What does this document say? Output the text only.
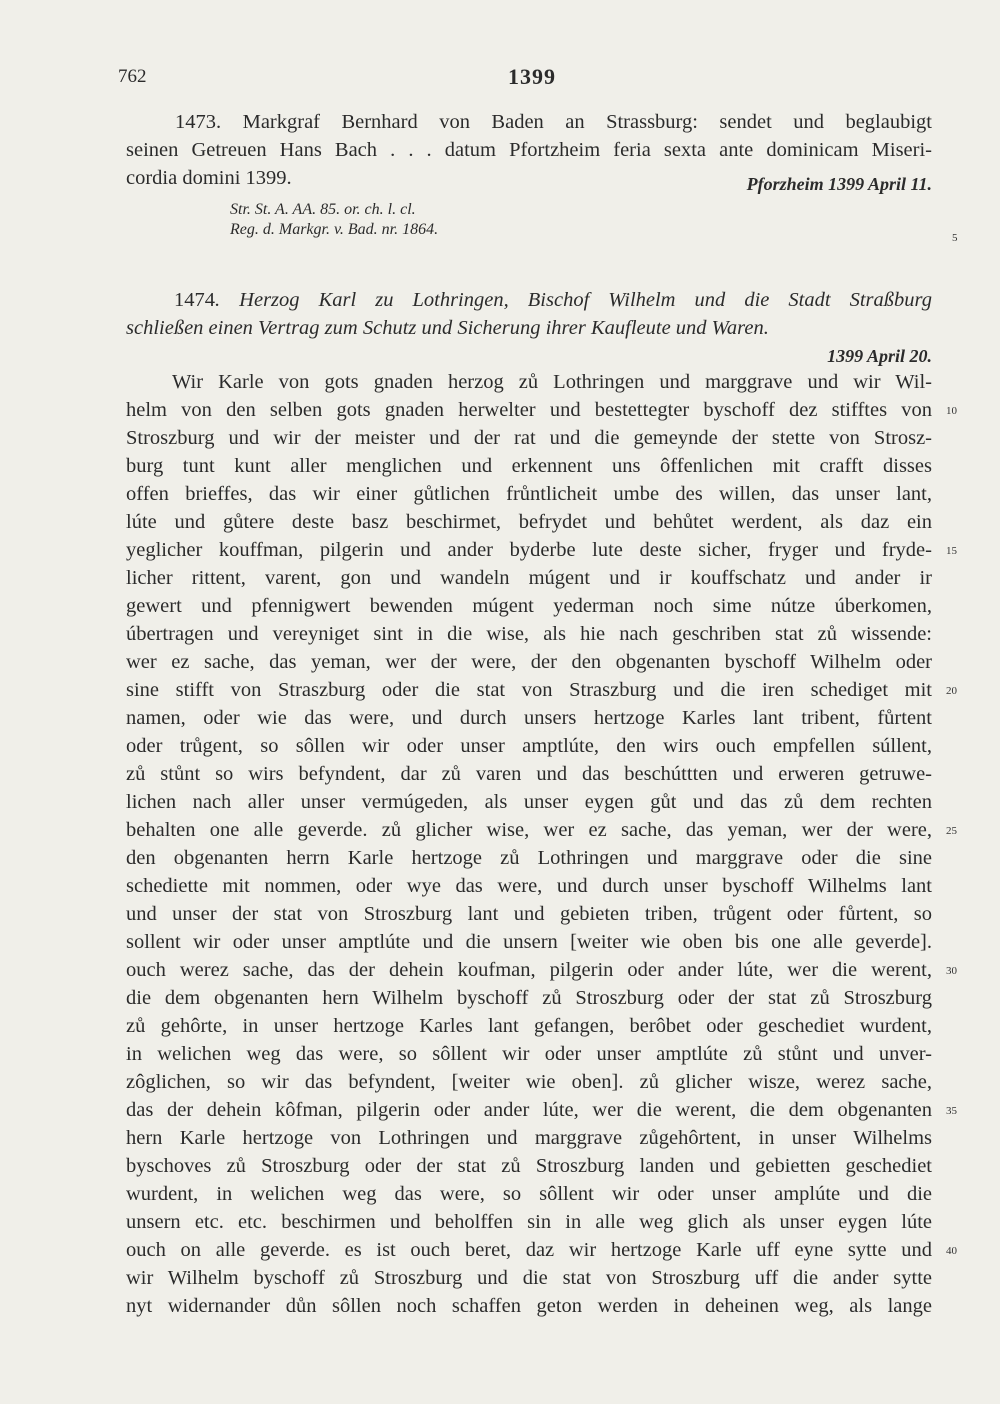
762	1399
1473. Markgraf Bernhard von Baden an Strassburg: sendet und beglaubigt
seinen Getreuen Hans Bach . . . datum Pfortzheim feria sexta ante dominicam Miseri-
cordia domini 1399.	Pforzheim 1399 April 11.
Str. St. A. AA. 85. or. ch. l. cl.
Reg. d. Markgr. v. Bad. nr. 1864.
1474. Herzog Karl zu Lothringen, Bischof Wilhelm und die Stadt Straßburg
schließen einen Vertrag zum Schutz und Sicherung ihrer Kaufleute und Waren.
1399 April 20.
Wir Karle von gots gnaden herzog zů Lothringen und marggrave und wir Wil-
helm von den selben gots gnaden herwelter und bestettegter byschoff dez stifftes von
Stroszburg und wir der meister und der rat und die gemeynde der stette von Strosz-
burg tunt kunt aller menglichen und erkennent uns ôffenlichen mit crafft disses
offen brieffes, das wir einer gůtlichen frůntlicheit umbe des willen, das unser lant,
lúte und gůtere deste basz beschirmet, befrydet und behůtet werdent, als daz ein
yeglicher kouffman, pilgerin und ander byderbe lute deste sicher, fryger und fryde-
licher rittent, varent, gon und wandeln múgent und ir kouffschatz und ander ir
gewert und pfennigwert bewenden múgent yederman noch sime nútze úberkomen,
úbertragen und vereyniget sint in die wise, als hie nach geschriben stat zů wissende:
wer ez sache, das yeman, wer der were, der den obgenanten byschoff Wilhelm oder
sine stifft von Straszburg oder die stat von Straszburg und die iren schediget mit
namen, oder wie das were, und durch unsers hertzoge Karles lant tribent, fůrtent
oder trůgent, so sôllen wir oder unser amptlúte, den wirs ouch empfellen súllent,
zů stůnt so wirs befyndent, dar zů varen und das beschúttten und erweren getruwe-
lichen nach aller unser vermúgeden, als unser eygen gůt und das zů dem rechten
behalten one alle geverde. zů glicher wise, wer ez sache, das yeman, wer der were,
den obgenanten herrn Karle hertzoge zů Lothringen und marggrave oder die sine
schediette mit nommen, oder wye das were, und durch unser byschoff Wilhelms lant
und unser der stat von Stroszburg lant und gebieten triben, trůgent oder fůrtent, so
sollent wir oder unser amptlúte und die unsern [weiter wie oben bis one alle geverde].
ouch werez sache, das der dehein koufman, pilgerin oder ander lúte, wer die werent,
die dem obgenanten hern Wilhelm byschoff zů Stroszburg oder der stat zů Stroszburg
zů gehôrte, in unser hertzoge Karles lant gefangen, berôbet oder geschediet wurdent,
in welichen weg das were, so sôllent wir oder unser amptlúte zů stůnt und unver-
zôglichen, so wir das befyndent, [weiter wie oben]. zů glicher wisze, werez sache,
das der dehein kôfman, pilgerin oder ander lúte, wer die werent, die dem obgenanten
hern Karle hertzoge von Lothringen und marggrave zůgehôrtent, in unser Wilhelms
byschoves zů Stroszburg oder der stat zů Stroszburg landen und gebietten geschediet
wurdent, in welichen weg das were, so sôllent wir oder unser amplúte und die
unsern etc. etc. beschirmen und beholffen sin in alle weg glich als unser eygen lúte
ouch on alle geverde. es ist ouch beret, daz wir hertzoge Karle uff eyne sytte und
wir Wilhelm byschoff zů Stroszburg und die stat von Stroszburg uff die ander sytte
nyt widernander důn sôllen noch schaffen geton werden in deheinen weg, als lange
5
10
15
20
25
30
35
40
